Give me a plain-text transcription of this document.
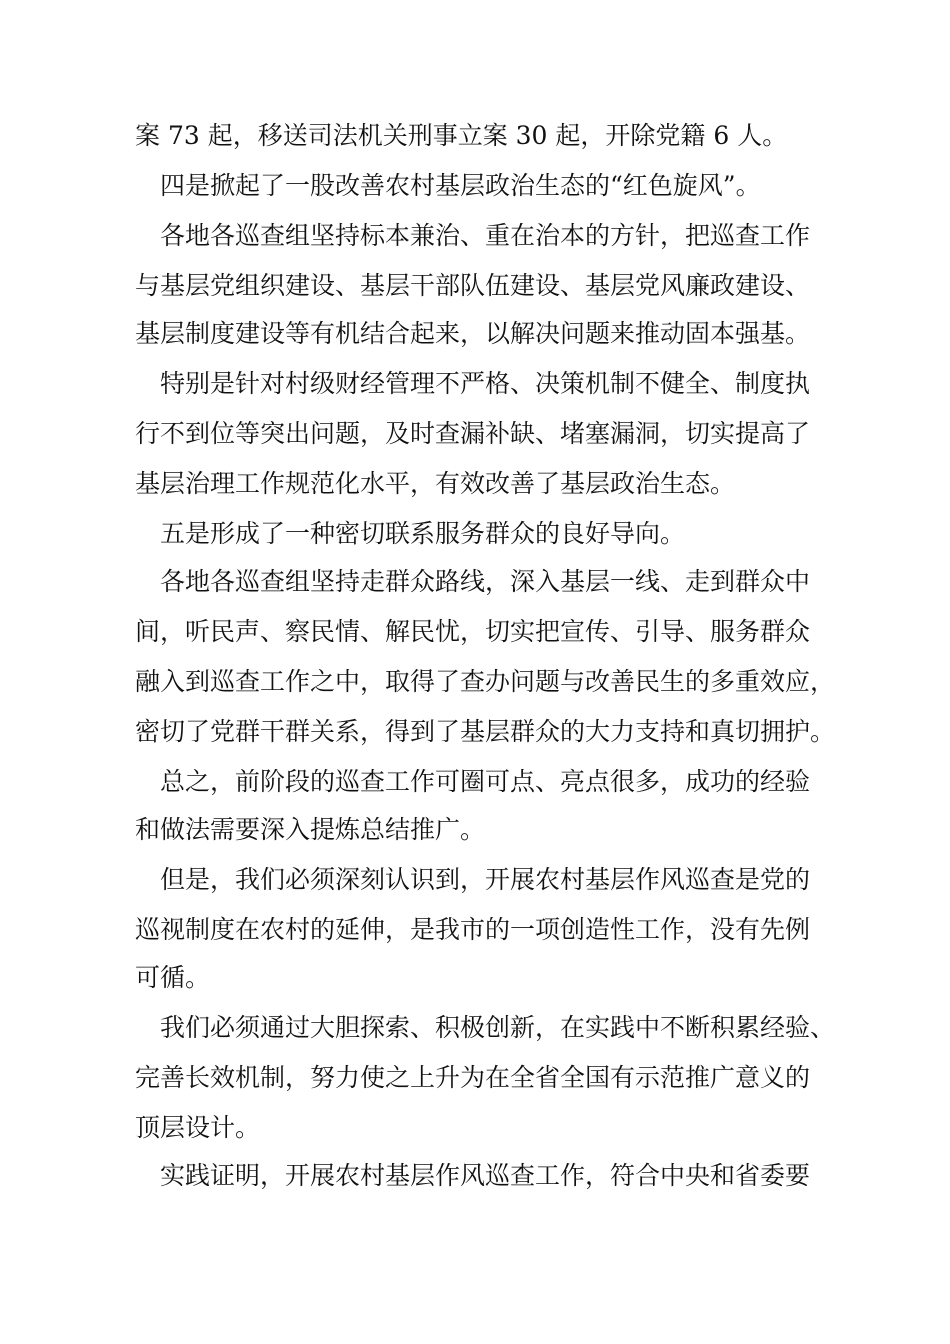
案 73 起，移送司法机关刑事立案 30 起，开除党籍 6 人。
四是掀起了一股改善农村基层政治生态的“红色旋风”。
各地各巡查组坚持标本兼治、重在治本的方针，把巡查工作
与基层党组织建设、基层干部队伍建设、基层党风廉政建设、
基层制度建设等有机结合起来，以解决问题来推动固本强基。
特别是针对村级财经管理不严格、决策机制不健全、制度执
行不到位等突出问题，及时查漏补缺、堵塞漏洞，切实提高了
基层治理工作规范化水平，有效改善了基层政治生态。
五是形成了一种密切联系服务群众的良好导向。
各地各巡查组坚持走群众路线，深入基层一线、走到群众中
间，听民声、察民情、解民忧，切实把宣传、引导、服务群众
融入到巡查工作之中，取得了查办问题与改善民生的多重效应，
密切了党群干群关系，得到了基层群众的大力支持和真切拥护。
总之，前阶段的巡查工作可圈可点、亮点很多，成功的经验
和做法需要深入提炼总结推广。
但是，我们必须深刻认识到，开展农村基层作风巡查是党的
巡视制度在农村的延伸，是我市的一项创造性工作，没有先例
可循。
我们必须通过大胆探索、积极创新，在实践中不断积累经验、
完善长效机制，努力使之上升为在全省全国有示范推广意义的
顶层设计。
实践证明，开展农村基层作风巡查工作，符合中央和省委要
